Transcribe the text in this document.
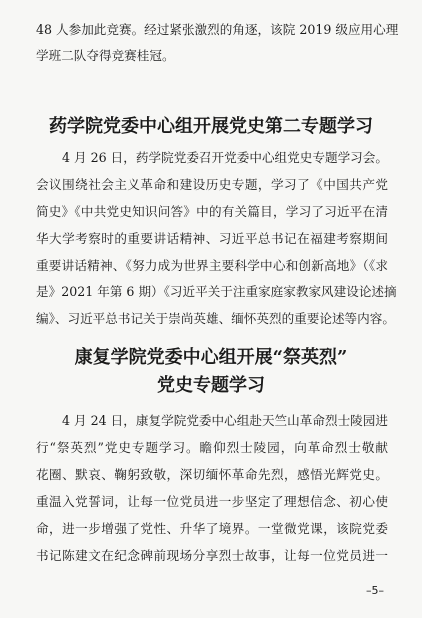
48 人参加此竞赛。经过紧张激烈的角逐，该院 2019 级应用心理
学班二队夺得竞赛桂冠。
药学院党委中心组开展党史第二专题学习
4 月 26 日，药学院党委召开党委中心组党史专题学习会。
会议围绕社会主义革命和建设历史专题，学习了《中国共产党
简史》《中共党史知识问答》中的有关篇目，学习了习近平在清
华大学考察时的重要讲话精神、习近平总书记在福建考察期间
重要讲话精神、《努力成为世界主要科学中心和创新高地》（《求
是》2021 年第 6 期）《习近平关于注重家庭家教家风建设论述摘
编》、习近平总书记关于崇尚英雄、缅怀英烈的重要论述等内容。
康复学院党委中心组开展“祭英烈”
党史专题学习
4 月 24 日，康复学院党委中心组赴天竺山革命烈士陵园进
行“祭英烈”党史专题学习。瞻仰烈士陵园，向革命烈士敬献
花圈、默哀、鞠躬致敬，深切缅怀革命先烈，感悟光辉党史。
重温入党誓词，让每一位党员进一步坚定了理想信念、初心使
命，进一步增强了党性、升华了境界。一堂微党课，该院党委
书记陈建文在纪念碑前现场分享烈士故事，让每一位党员进一
–5–
